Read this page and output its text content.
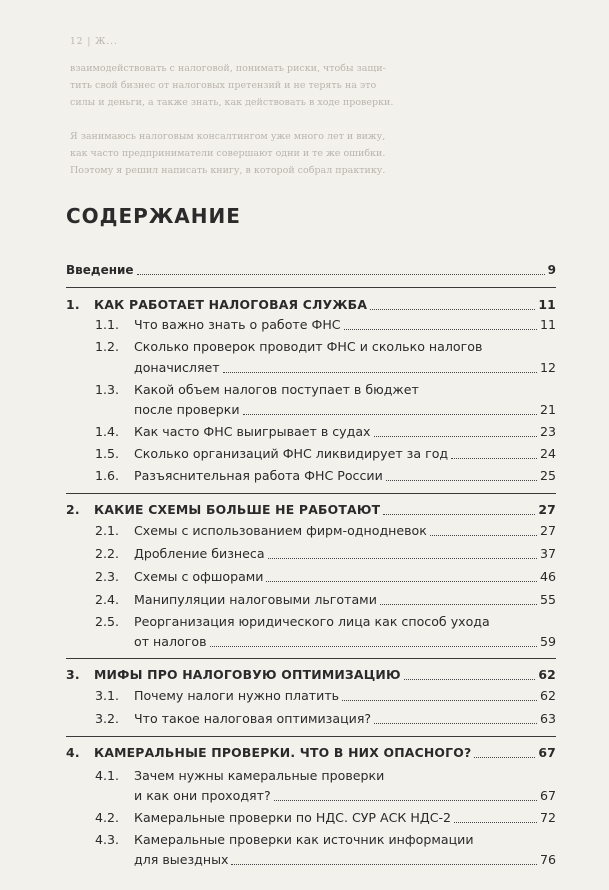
12 | Ж...
взаимодействовать с налоговой, понимать риски, чтобы защи-
тить свой бизнес от налоговых претензий и не терять на это
силы и деньги, а также знать, как действовать в ходе проверки.
Я занимаюсь налоговым консалтингом уже много лет и вижу,
как часто предприниматели совершают одни и те же ошибки.
Поэтому я решил написать книгу, в которой собрал практику.
СОДЕРЖАНИЕ
Введение	9
1. КАК РАБОТАЕТ НАЛОГОВАЯ СЛУЖБА	11
1.1. Что важно знать о работе ФНС	11
1.2. Сколько проверок проводит ФНС и сколько налогов
доначисляет	12
1.3. Какой объем налогов поступает в бюджет
после проверки	21
1.4. Как часто ФНС выигрывает в судах	23
1.5. Сколько организаций ФНС ликвидирует за год	24
1.6. Разъяснительная работа ФНС России	25
2. КАКИЕ СХЕМЫ БОЛЬШЕ НЕ РАБОТАЮТ	27
2.1. Схемы с использованием фирм-однодневок	27
2.2. Дробление бизнеса	37
2.3. Схемы с офшорами	46
2.4. Манипуляции налоговыми льготами	55
2.5. Реорганизация юридического лица как способ ухода
от налогов	59
3. МИФЫ ПРО НАЛОГОВУЮ ОПТИМИЗАЦИЮ	62
3.1. Почему налоги нужно платить	62
3.2. Что такое налоговая оптимизация?	63
4. КАМЕРАЛЬНЫЕ ПРОВЕРКИ. ЧТО В НИХ ОПАСНОГО?	67
4.1. Зачем нужны камеральные проверки
и как они проходят?	67
4.2. Камеральные проверки по НДС. СУР АСК НДС-2	72
4.3. Камеральные проверки как источник информации
для выездных	76
